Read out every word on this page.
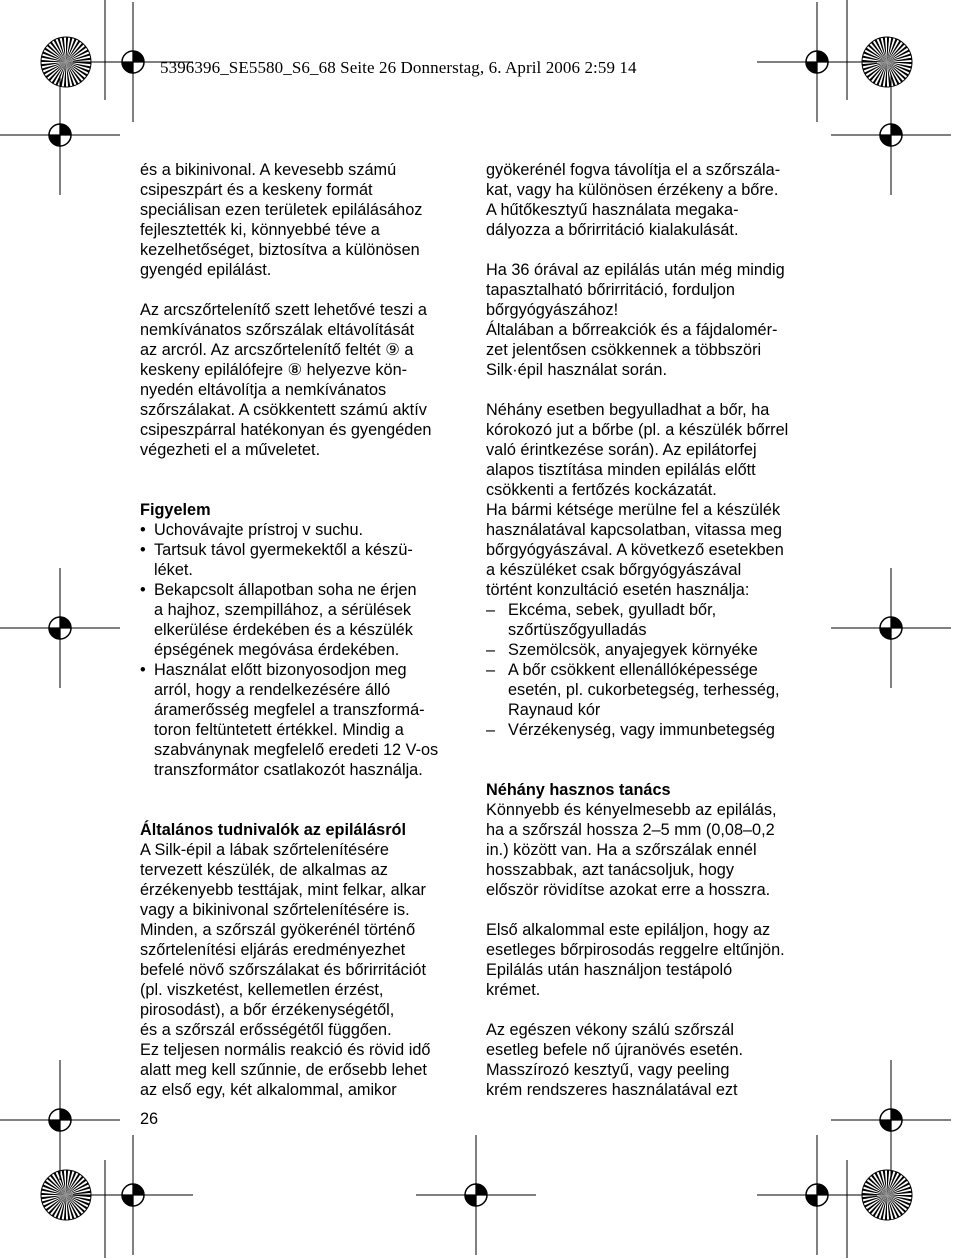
5396396_SE5580_S6_68 Seite 26 Donnerstag, 6. April 2006 2:59 14
és a bikinivonal. A kevesebb számú
csipeszpárt és a keskeny formát
speciálisan ezen területek epilálásához
fejlesztették ki, könnyebbé téve a
kezelhetőséget, biztosítva a különösen
gyengéd epilálást.
Az arcszőrtelenítő szett lehetővé teszi a
nemkívánatos szőrszálak eltávolítását
az arcról. Az arcszőrtelenítő feltét ⑨ a
keskeny epilálófejre ⑧ helyezve kön-
nyedén eltávolítja a nemkívánatos
szőrszálakat. A csökkentett számú aktív
csipeszpárral hatékonyan és gyengéden
végezheti el a műveletet.
Figyelem
• Uchovávajte prístroj v suchu.
• Tartsuk távol gyermekektől a készü-
léket.
• Bekapcsolt állapotban soha ne érjen
a hajhoz, szempillához, a sérülések
elkerülése érdekében és a készülék
épségének megóvása érdekében.
• Használat előtt bizonyosodjon meg
arról, hogy a rendelkezésére álló
áramerősség megfelel a transzformá-
toron feltüntetett értékkel. Mindig a
szabványnak megfelelő eredeti 12 V-os
transzformátor csatlakozót használja.
Általános tudnivalók az epilálásról
A Silk-épil a lábak szőrtelenítésére
tervezett készülék, de alkalmas az
érzékenyebb testtájak, mint felkar, alkar
vagy a bikinivonal szőrtelenítésére is.
Minden, a szőrszál gyökerénél történő
szőrtelenítési eljárás eredményezhet
befelé növő szőrszálakat és bőrirritációt
(pl. viszketést, kellemetlen érzést,
pirosodást), a bőr érzékenységétől,
és a szőrszál erősségétől függően.
Ez teljesen normális reakció és rövid idő
alatt meg kell szűnnie, de erősebb lehet
az első egy, két alkalommal, amikor
gyökerénél fogva távolítja el a szőrszála-
kat, vagy ha különösen érzékeny a bőre.
A hűtőkesztyű használata megaka-
dályozza a bőrirritáció kialakulását.
Ha 36 órával az epilálás után még mindig
tapasztalható bőrirritáció, forduljon
bőrgyógyászához!
Általában a bőrreakciók és a fájdalomér-
zet jelentősen csökkennek a többszöri
Silk·épil használat során.
Néhány esetben begyulladhat a bőr, ha
kórokozó jut a bőrbe (pl. a készülék bőrrel
való érintkezése során). Az epilátorfej
alapos tisztítása minden epilálás előtt
csökkenti a fertőzés kockázatát.
Ha bármi kétsége merülne fel a készülék
használatával kapcsolatban, vitassa meg
bőrgyógyászával. A következő esetekben
a készüléket csak bőrgyógyászával
történt konzultáció esetén használja:
– Ekcéma, sebek, gyulladt bőr,
szőrtüszőgyulladás
– Szemölcsök, anyajegyek környéke
– A bőr csökkent ellenállóképessége
esetén, pl. cukorbetegség, terhesség,
Raynaud kór
– Vérzékenység, vagy immunbetegség
Néhány hasznos tanács
Könnyebb és kényelmesebb az epilálás,
ha a szőrszál hossza 2–5 mm (0,08–0,2
in.) között van. Ha a szőrszálak ennél
hosszabbak, azt tanácsoljuk, hogy
először rövidítse azokat erre a hosszra.
Első alkalommal este epiláljon, hogy az
esetleges bőrpirosodás reggelre eltűnjön.
Epilálás után használjon testápoló
krémet.
Az egészen vékony szálú szőrszál
esetleg befele nő újranövés esetén.
Masszírozó kesztyű, vagy peeling
krém rendszeres használatával ezt
26
